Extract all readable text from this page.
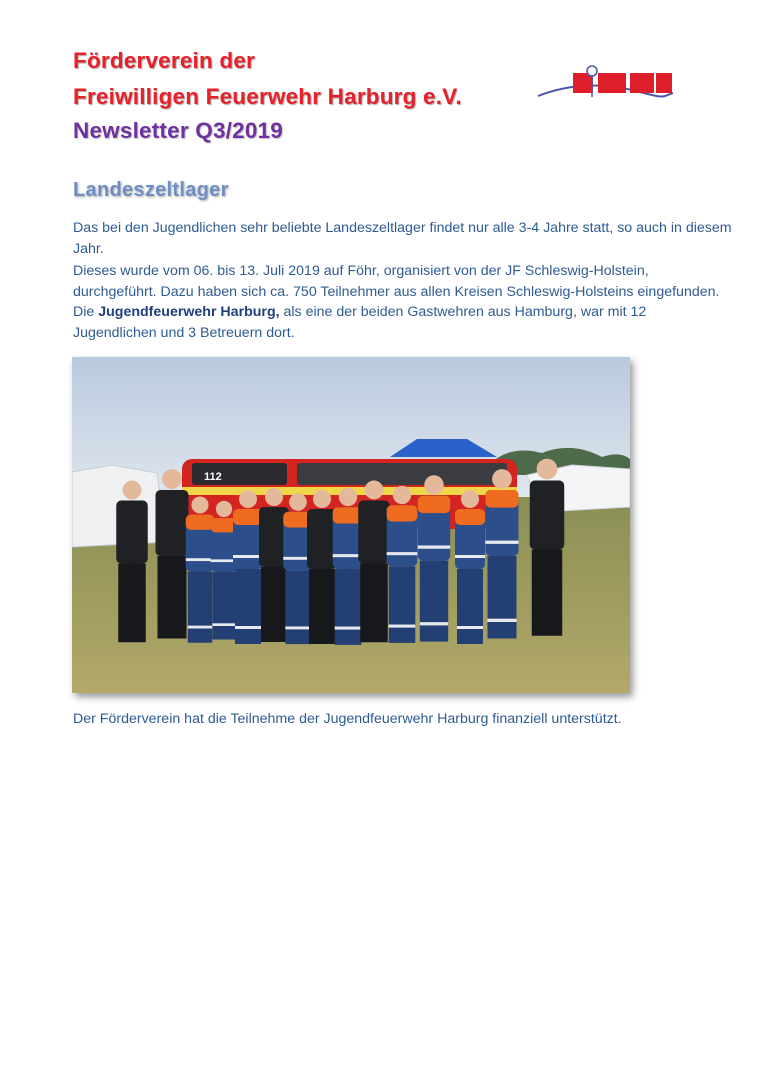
Förderverein der
Freiwilligen Feuerwehr Harburg e.V.
Newsletter Q3/2019
Landeszeltlager

Das bei den Jugendlichen sehr beliebte Landeszeltlager findet nur alle 3-4 Jahre statt, so auch in diesem Jahr.

Dieses wurde vom 06. bis 13. Juli 2019 auf Föhr, organisiert von der JF Schleswig-Holstein, durchgeführt. Dazu haben sich ca. 750 Teilnehmer aus allen Kreisen Schleswig-Holsteins eingefunden. Die Jugendfeuerwehr Harburg, als eine der beiden Gastwehren aus Hamburg, war mit 12 Jugendlichen und 3 Betreuern dort.

112

Der Förderverein hat die Teilnehme der Jugendfeuerwehr Harburg finanziell unterstützt.
